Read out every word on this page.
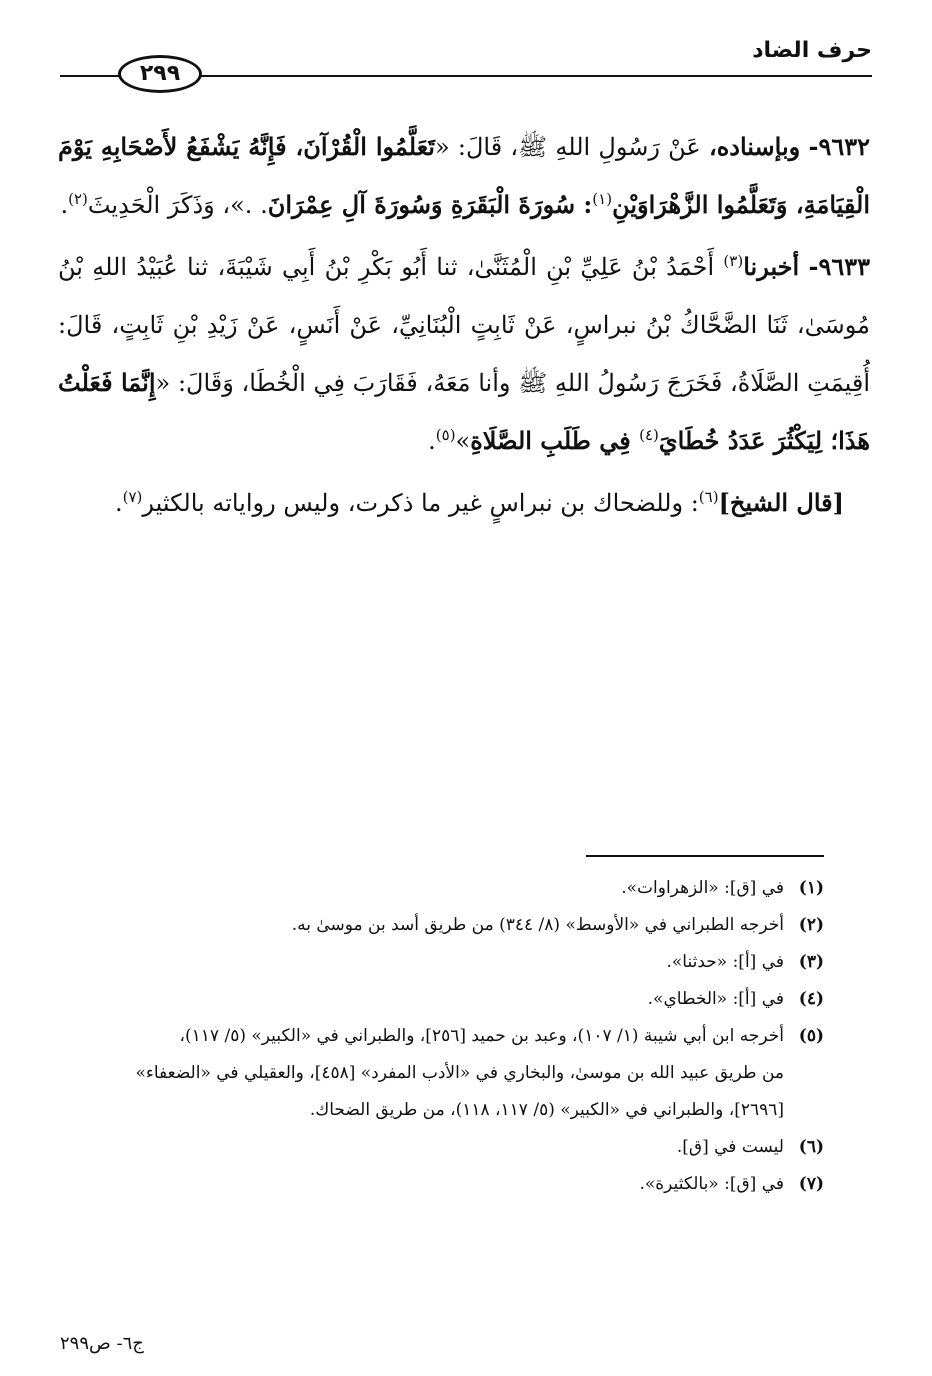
حرف الضاد
٢٩٩

٩٦٣٢- وبإسناده، عَنْ رَسُولِ اللهِ ﷺ، قَالَ: «تَعَلَّمُوا الْقُرْآنَ، فَإِنَّهُ يَشْفَعُ لأَصْحَابِهِ يَوْمَ الْقِيَامَةِ، وَتَعَلَّمُوا الزَّهْرَاوَيْنِ$^{(١)}$: سُورَةَ الْبَقَرَةِ وَسُورَةَ آلِ عِمْرَانَ. .»، وَذَكَرَ الْحَدِيثَ$^{(٢)}$.

٩٦٣٣- أخبرنا$^{(٣)}$ أَحْمَدُ بْنُ عَلِيِّ بْنِ الْمُثَنَّىٰ، ثنا أَبُو بَكْرِ بْنُ أَبِي شَيْبَةَ، ثنا عُبَيْدُ اللهِ بْنُ مُوسَىٰ، ثَنَا الضَّحَّاكُ بْنُ نبراسٍ، عَنْ ثَابِتٍ الْبُنَانِيِّ، عَنْ أَنَسٍ، عَنْ زَيْدِ بْنِ ثَابِتٍ، قَالَ: أُقِيمَتِ الصَّلَاةُ، فَخَرَجَ رَسُولُ اللهِ ﷺ وأنا مَعَهُ، فَقَارَبَ فِي الْخُطَا، وَقَالَ: «إِنَّمَا فَعَلْتُ هَذَا؛ لِيَكْثُرَ عَدَدُ خُطَايَ$^{(٤)}$ فِي طَلَبِ الصَّلَاةِ»$^{(٥)}$.

[قال الشيخ]$^{(٦)}$: وللضحاك بن نبراسٍ غير ما ذكرت، وليس رواياته بالكثير$^{(٧)}$.

(١)
في [ق]: «الزهراوات».
(٢)
أخرجه الطبراني في «الأوسط» (٨/ ٣٤٤) من طريق أسد بن موسىٰ به.
(٣)
في [أ]: «حدثنا».
(٤)
في [أ]: «الخطاي».
(٥)
أخرجه ابن أبي شيبة (١/ ١٠٧)، وعبد بن حميد [٢٥٦]، والطبراني في «الكبير» (٥/ ١١٧)،
من طريق عبيد الله بن موسىٰ، والبخاري في «الأدب المفرد» [٤٥٨]، والعقيلي في «الضعفاء»
[٢٦٩٦]، والطبراني في «الكبير» (٥/ ١١٧، ١١٨)، من طريق الضحاك.
(٦)
ليست في [ق].
(٧)
في [ق]: «بالكثيرة».
ج٦- ص٢٩٩
